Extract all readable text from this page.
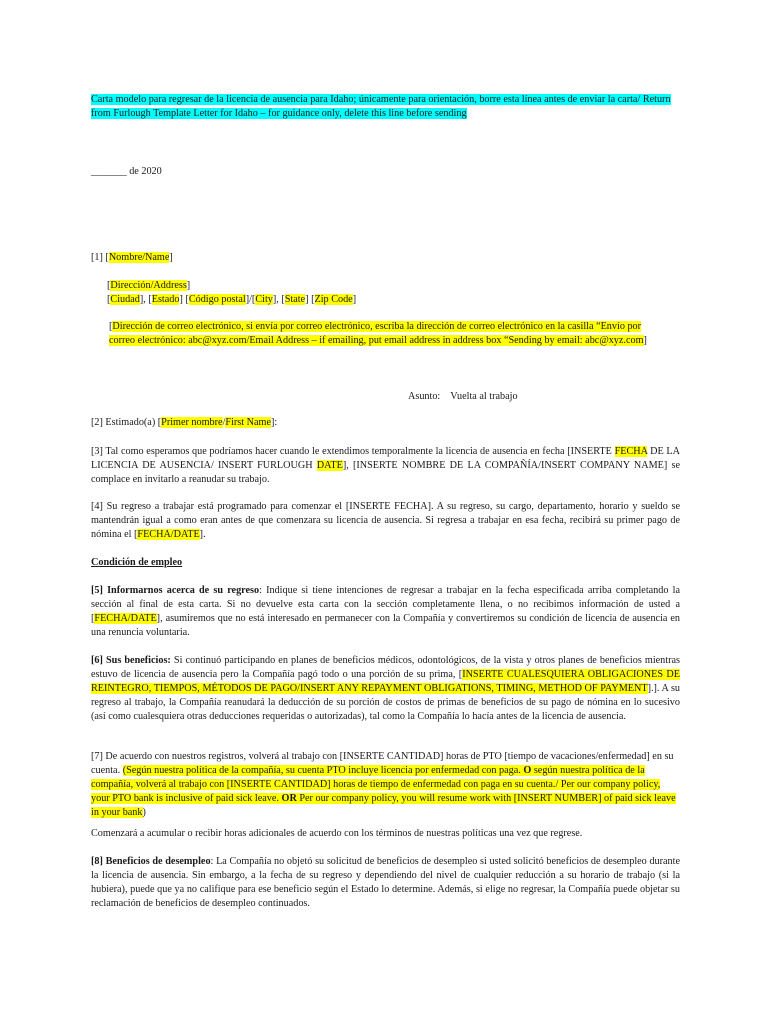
Carta modelo para regresar de la licencia de ausencia para Idaho; únicamente para orientación, borre esta línea antes de enviar la carta/ Return from Furlough Template Letter for Idaho – for guidance only, delete this line before sending

_______ de 2020

[1] [Nombre/Name]

[Dirección/Address]

[Ciudad], [Estado] [Código postal]/[City], [State] [Zip Code]

[Dirección de correo electrónico, si envía por correo electrónico, escriba la dirección de correo electrónico en la casilla “Envío por correo electrónico: abc@xyz.com/Email Address – if emailing, put email address in address box “Sending by email: abc@xyz.com]

Asunto:    Vuelta al trabajo

[2] Estimado(a) [Primer nombre/First Name]:

[3] Tal como esperamos que podríamos hacer cuando le extendimos temporalmente la licencia de ausencia en fecha [INSERTE FECHA DE LA LICENCIA DE AUSENCIA/ INSERT FURLOUGH DATE], [INSERTE NOMBRE DE LA COMPAÑÍA/INSERT COMPANY NAME] se complace en invitarlo a reanudar su trabajo.

[4] Su regreso a trabajar está programado para comenzar el [INSERTE FECHA]. A su regreso, su cargo, departamento, horario y sueldo se mantendrán igual a como eran antes de que comenzara su licencia de ausencia. Si regresa a trabajar en esa fecha, recibirá su primer pago de nómina el [FECHA/DATE].

Condición de empleo

[5] Informarnos acerca de su regreso: Indique si tiene intenciones de regresar a trabajar en la fecha especificada arriba completando la sección al final de esta carta. Si no devuelve esta carta con la sección completamente llena, o no recibimos información de usted a [FECHA/DATE], asumiremos que no está interesado en permanecer con la Compañía y convertiremos su condición de licencia de ausencia en una renuncia voluntaria.

[6] Sus beneficios: Si continuó participando en planes de beneficios médicos, odontológicos, de la vista y otros planes de beneficios mientras estuvo de licencia de ausencia pero la Compañía pagó todo o una porción de su prima, [INSERTE CUALESQUIERA OBLIGACIONES DE REINTEGRO, TIEMPOS, MÉTODOS DE PAGO/INSERT ANY REPAYMENT OBLIGATIONS, TIMING, METHOD OF PAYMENT].]. A su regreso al trabajo, la Compañía reanudará la deducción de su porción de costos de primas de beneficios de su pago de nómina en lo sucesivo (así como cualesquiera otras deducciones requeridas o autorizadas), tal como la Compañía lo hacía antes de la licencia de ausencia.

[7] De acuerdo con nuestros registros, volverá al trabajo con [INSERTE CANTIDAD] horas de PTO [tiempo de vacaciones/enfermedad] en su cuenta. (Según nuestra política de la compañía, su cuenta PTO incluye licencia por enfermedad con paga. O según nuestra política de la compañía, volverá al trabajo con [INSERTE CANTIDAD] horas de tiempo de enfermedad con paga en su cuenta./ Per our company policy, your PTO bank is inclusive of paid sick leave. OR Per our company policy, you will resume work with [INSERT NUMBER] of paid sick leave in your bank)

Comenzará a acumular o recibir horas adicionales de acuerdo con los términos de nuestras políticas una vez que regrese.

[8] Beneficios de desempleo: La Compañía no objetó su solicitud de beneficios de desempleo si usted solicitó beneficios de desempleo durante la licencia de ausencia. Sin embargo, a la fecha de su regreso y dependiendo del nivel de cualquier reducción a su horario de trabajo (si la hubiera), puede que ya no califique para ese beneficio según el Estado lo determine. Además, si elige no regresar, la Compañía puede objetar su reclamación de beneficios de desempleo continuados.
